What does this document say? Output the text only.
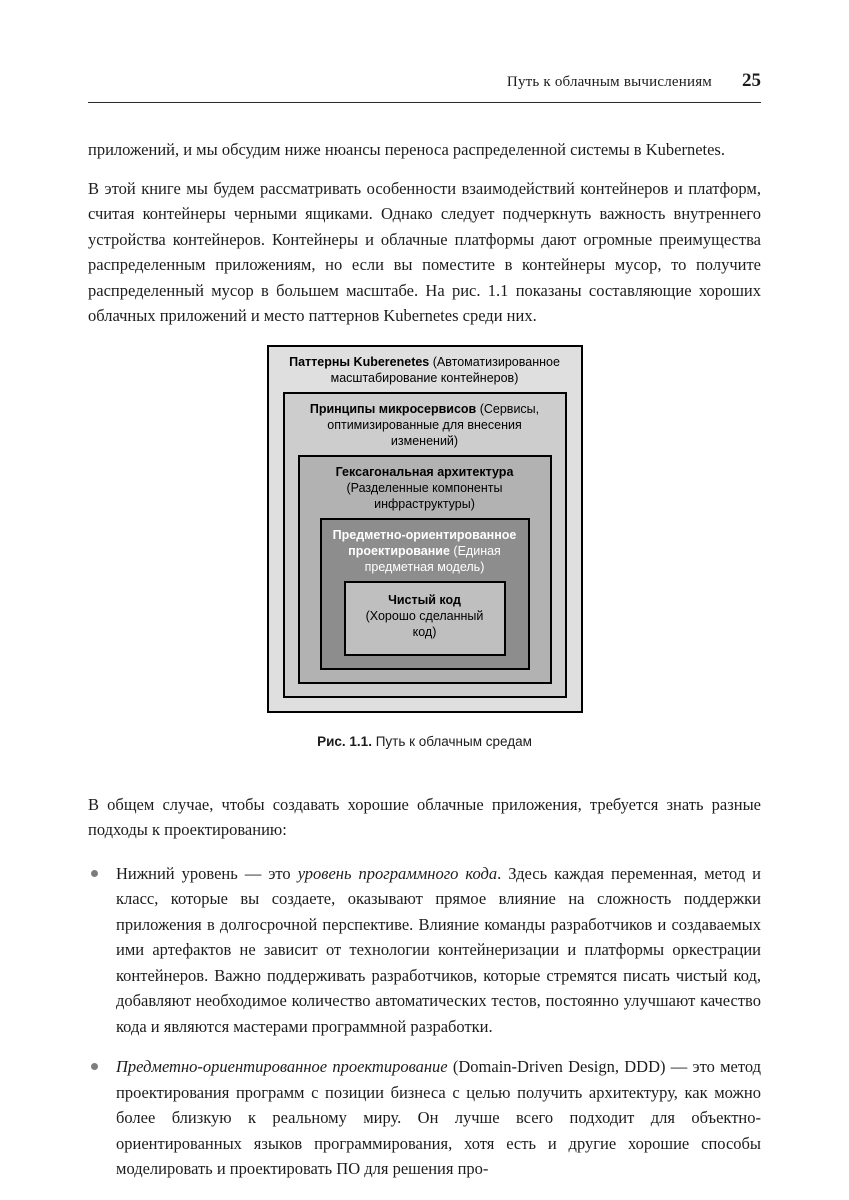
Путь к облачным вычислениям 25

приложений, и мы обсудим ниже нюансы переноса распределенной системы в Kubernetes.

В этой книге мы будем рассматривать особенности взаимодействий контейнеров и платформ, считая контейнеры черными ящиками. Однако следует подчеркнуть важность внутреннего устройства контейнеров. Контейнеры и облачные платформы дают огромные преимущества распределенным приложениям, но если вы поместите в контейнеры мусор, то получите распределенный мусор в большем масштабе. На рис. 1.1 показаны составляющие хороших облачных приложений и место паттернов Kubernetes среди них.

Паттерны Kuberenetes (Автоматизированное масштабирование контейнеров)
Принципы микросервисов (Сервисы, оптимизированные для внесения изменений)
Гексагональная архитектура (Разделенные компоненты инфраструктуры)
Предметно-ориентированное проектирование (Единая предметная модель)
Чистый код
(Хорошо сделанный код)
Рис. 1.1. Путь к облачным средам

В общем случае, чтобы создавать хорошие облачные приложения, требуется знать разные подходы к проектированию:

Нижний уровень — это уровень программного кода. Здесь каждая переменная, метод и класс, которые вы создаете, оказывают прямое влияние на сложность поддержки приложения в долгосрочной перспективе. Влияние команды разработчиков и создаваемых ими артефактов не зависит от технологии контейнеризации и платформы оркестрации контейнеров. Важно поддерживать разработчиков, которые стремятся писать чистый код, добавляют необходимое количество автоматических тестов, постоянно улучшают качество кода и являются мастерами программной разработки.
Предметно-ориентированное проектирование (Domain-Driven Design, DDD) — это метод проектирования программ с позиции бизнеса с целью получить архитектуру, как можно более близкую к реальному миру. Он лучше всего подходит для объектно-ориентированных языков программирования, хотя есть и другие хорошие способы моделировать и проектировать ПО для решения про-
